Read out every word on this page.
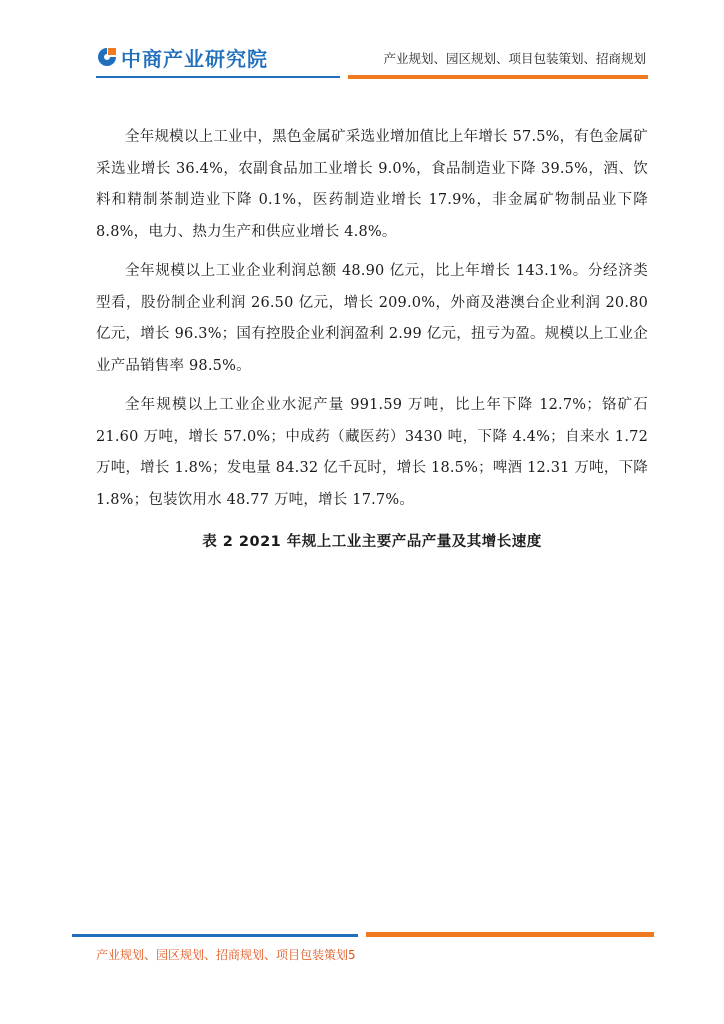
中商产业研究院	产业规划、园区规划、项目包装策划、招商规划

全年规模以上工业中，黑色金属矿采选业增加值比上年增长 57.5%，有色金属矿采选业增长 36.4%，农副食品加工业增长 9.0%，食品制造业下降 39.5%，酒、饮料和精制茶制造业下降 0.1%，医药制造业增长 17.9%，非金属矿物制品业下降 8.8%，电力、热力生产和供应业增长 4.8%。

全年规模以上工业企业利润总额 48.90 亿元，比上年增长 143.1%。分经济类型看，股份制企业利润 26.50 亿元，增长 209.0%，外商及港澳台企业利润 20.80 亿元，增长 96.3%；国有控股企业利润盈利 2.99 亿元，扭亏为盈。规模以上工业企业产品销售率 98.5%。

全年规模以上工业企业水泥产量 991.59 万吨，比上年下降 12.7%；铬矿石 21.60 万吨，增长 57.0%；中成药（藏医药）3430 吨，下降 4.4%；自来水 1.72 万吨，增长 1.8%；发电量 84.32 亿千瓦时，增长 18.5%；啤酒 12.31 万吨，下降 1.8%；包装饮用水 48.77 万吨，增长 17.7%。

表 2 2021 年规上工业主要产品产量及其增长速度
产业规划、园区规划、招商规划、项目包装策划5
